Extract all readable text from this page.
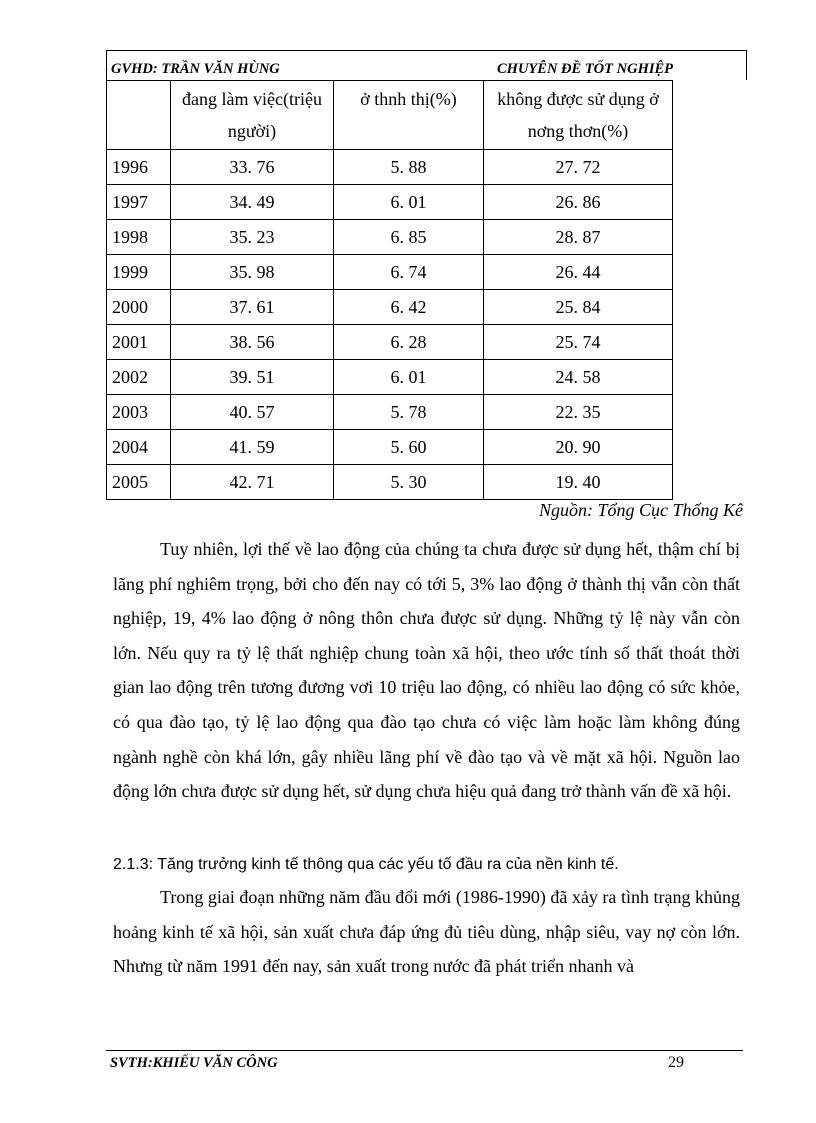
GVHD: TRẦN VĂN HÙNG	CHUYÊN ĐỀ TỐT NGHIỆP

	đang làm việc(triệu người)	ở thnh thị(%)	không được sử dụng ở nơng thơn(%)

1996	33. 76	5. 88	27. 72
1997	34. 49	6. 01	26. 86
1998	35. 23	6. 85	28. 87
1999	35. 98	6. 74	26. 44
2000	37. 61	6. 42	25. 84
2001	38. 56	6. 28	25. 74
2002	39. 51	6. 01	24. 58
2003	40. 57	5. 78	22. 35
2004	41. 59	5. 60	20. 90
2005	42. 71	5. 30	19. 40
Nguồn: Tổng Cục Thống Kê

Tuy nhiên, lợi thế về lao động của chúng ta chưa được sử dụng hết, thậm chí bị lãng phí nghiêm trọng, bởi cho đến nay có tới 5, 3% lao động ở thành thị vẫn còn thất nghiệp, 19, 4% lao động ở nông thôn chưa được sử dụng. Những tỷ lệ này vẫn còn lớn. Nếu quy ra tỷ lệ thất nghiệp chung toàn xã hội, theo ước tính số thất thoát thời gian lao động trên tương đương vơi 10 triệu lao động, có nhiều lao động có sức khỏe, có qua đào tạo, tỷ lệ lao động qua đào tạo chưa có việc làm hoặc làm không đúng ngành nghề còn khá lớn, gây nhiều lãng phí về đào tạo và về mặt xã hội. Nguồn lao động lớn chưa được sử dụng hết, sử dụng chưa hiệu quả đang trở thành vấn đề xã hội.

2.1.3: Tăng trưởng kinh tế thông qua các yếu tố đầu ra của nền kinh tế.

Trong giai đoạn những năm đầu đổi mới (1986-1990) đã xảy ra tình trạng khủng hoảng kinh tế xã hội, sản xuất chưa đáp ứng đủ tiêu dùng, nhập siêu, vay nợ còn lớn. Nhưng từ năm 1991 đến nay, sản xuất trong nước đã phát triển nhanh và

SVTH:KHIẾU VĂN CÔNG	29
